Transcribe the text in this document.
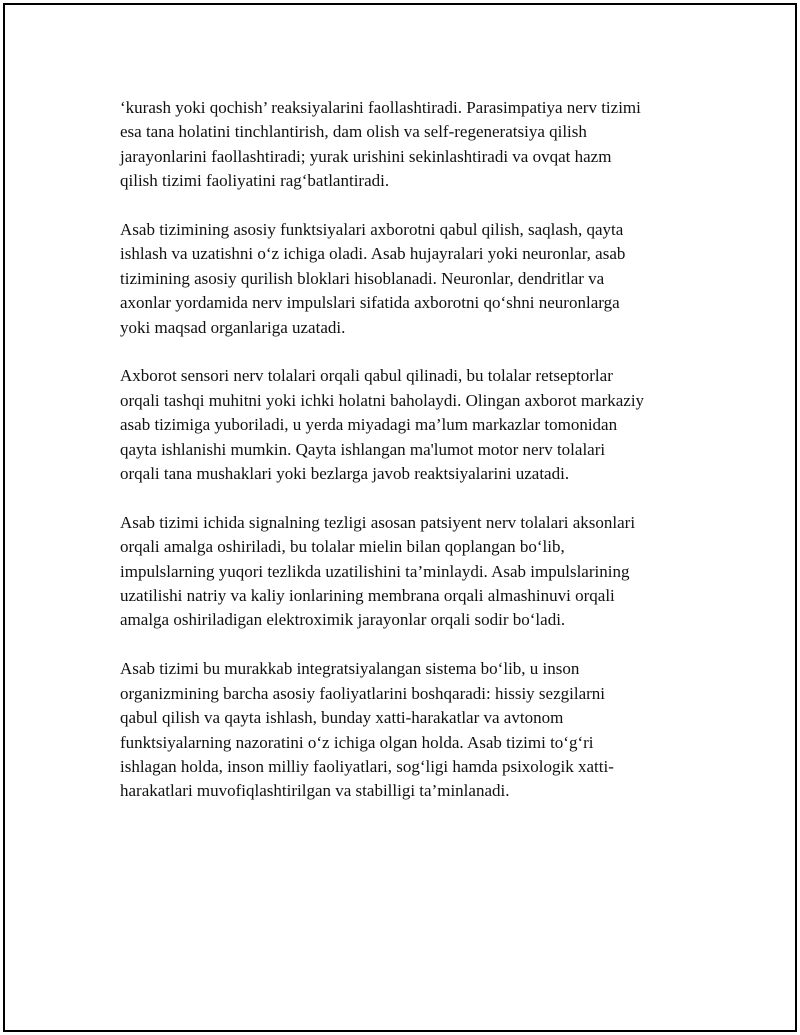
‘kurash yoki qochish’ reaksiyalarini faollashtiradi. Parasimpatiya nerv tizimi
esa tana holatini tinchlantirish, dam olish va self-regeneratsiya qilish
jarayonlarini faollashtiradi; yurak urishini sekinlashtiradi va ovqat hazm
qilish tizimi faoliyatini rag‘batlantiradi.

Asab tizimining asosiy funktsiyalari axborotni qabul qilish, saqlash, qayta
ishlash va uzatishni o‘z ichiga oladi. Asab hujayralari yoki neuronlar, asab
tizimining asosiy qurilish bloklari hisoblanadi. Neuronlar, dendritlar va
axonlar yordamida nerv impulslari sifatida axborotni qo‘shni neuronlarga
yoki maqsad organlariga uzatadi.

Axborot sensori nerv tolalari orqali qabul qilinadi, bu tolalar retseptorlar
orqali tashqi muhitni yoki ichki holatni baholaydi. Olingan axborot markaziy
asab tizimiga yuboriladi, u yerda miyadagi ma’lum markazlar tomonidan
qayta ishlanishi mumkin. Qayta ishlangan ma'lumot motor nerv tolalari
orqali tana mushaklari yoki bezlarga javob reaktsiyalarini uzatadi.

Asab tizimi ichida signalning tezligi asosan patsiyent nerv tolalari aksonlari
orqali amalga oshiriladi, bu tolalar mielin bilan qoplangan bo‘lib,
impulslarning yuqori tezlikda uzatilishini ta’minlaydi. Asab impulslarining
uzatilishi natriy va kaliy ionlarining membrana orqali almashinuvi orqali
amalga oshiriladigan elektroximik jarayonlar orqali sodir bo‘ladi.

Asab tizimi bu murakkab integratsiyalangan sistema bo‘lib, u inson
organizmining barcha asosiy faoliyatlarini boshqaradi: hissiy sezgilarni
qabul qilish va qayta ishlash, bunday xatti-harakatlar va avtonom
funktsiyalarning nazoratini o‘z ichiga olgan holda. Asab tizimi to‘g‘ri
ishlagan holda, inson milliy faoliyatlari, sog‘ligi hamda psixologik xatti-
harakatlari muvofiqlashtirilgan va stabilligi ta’minlanadi.
